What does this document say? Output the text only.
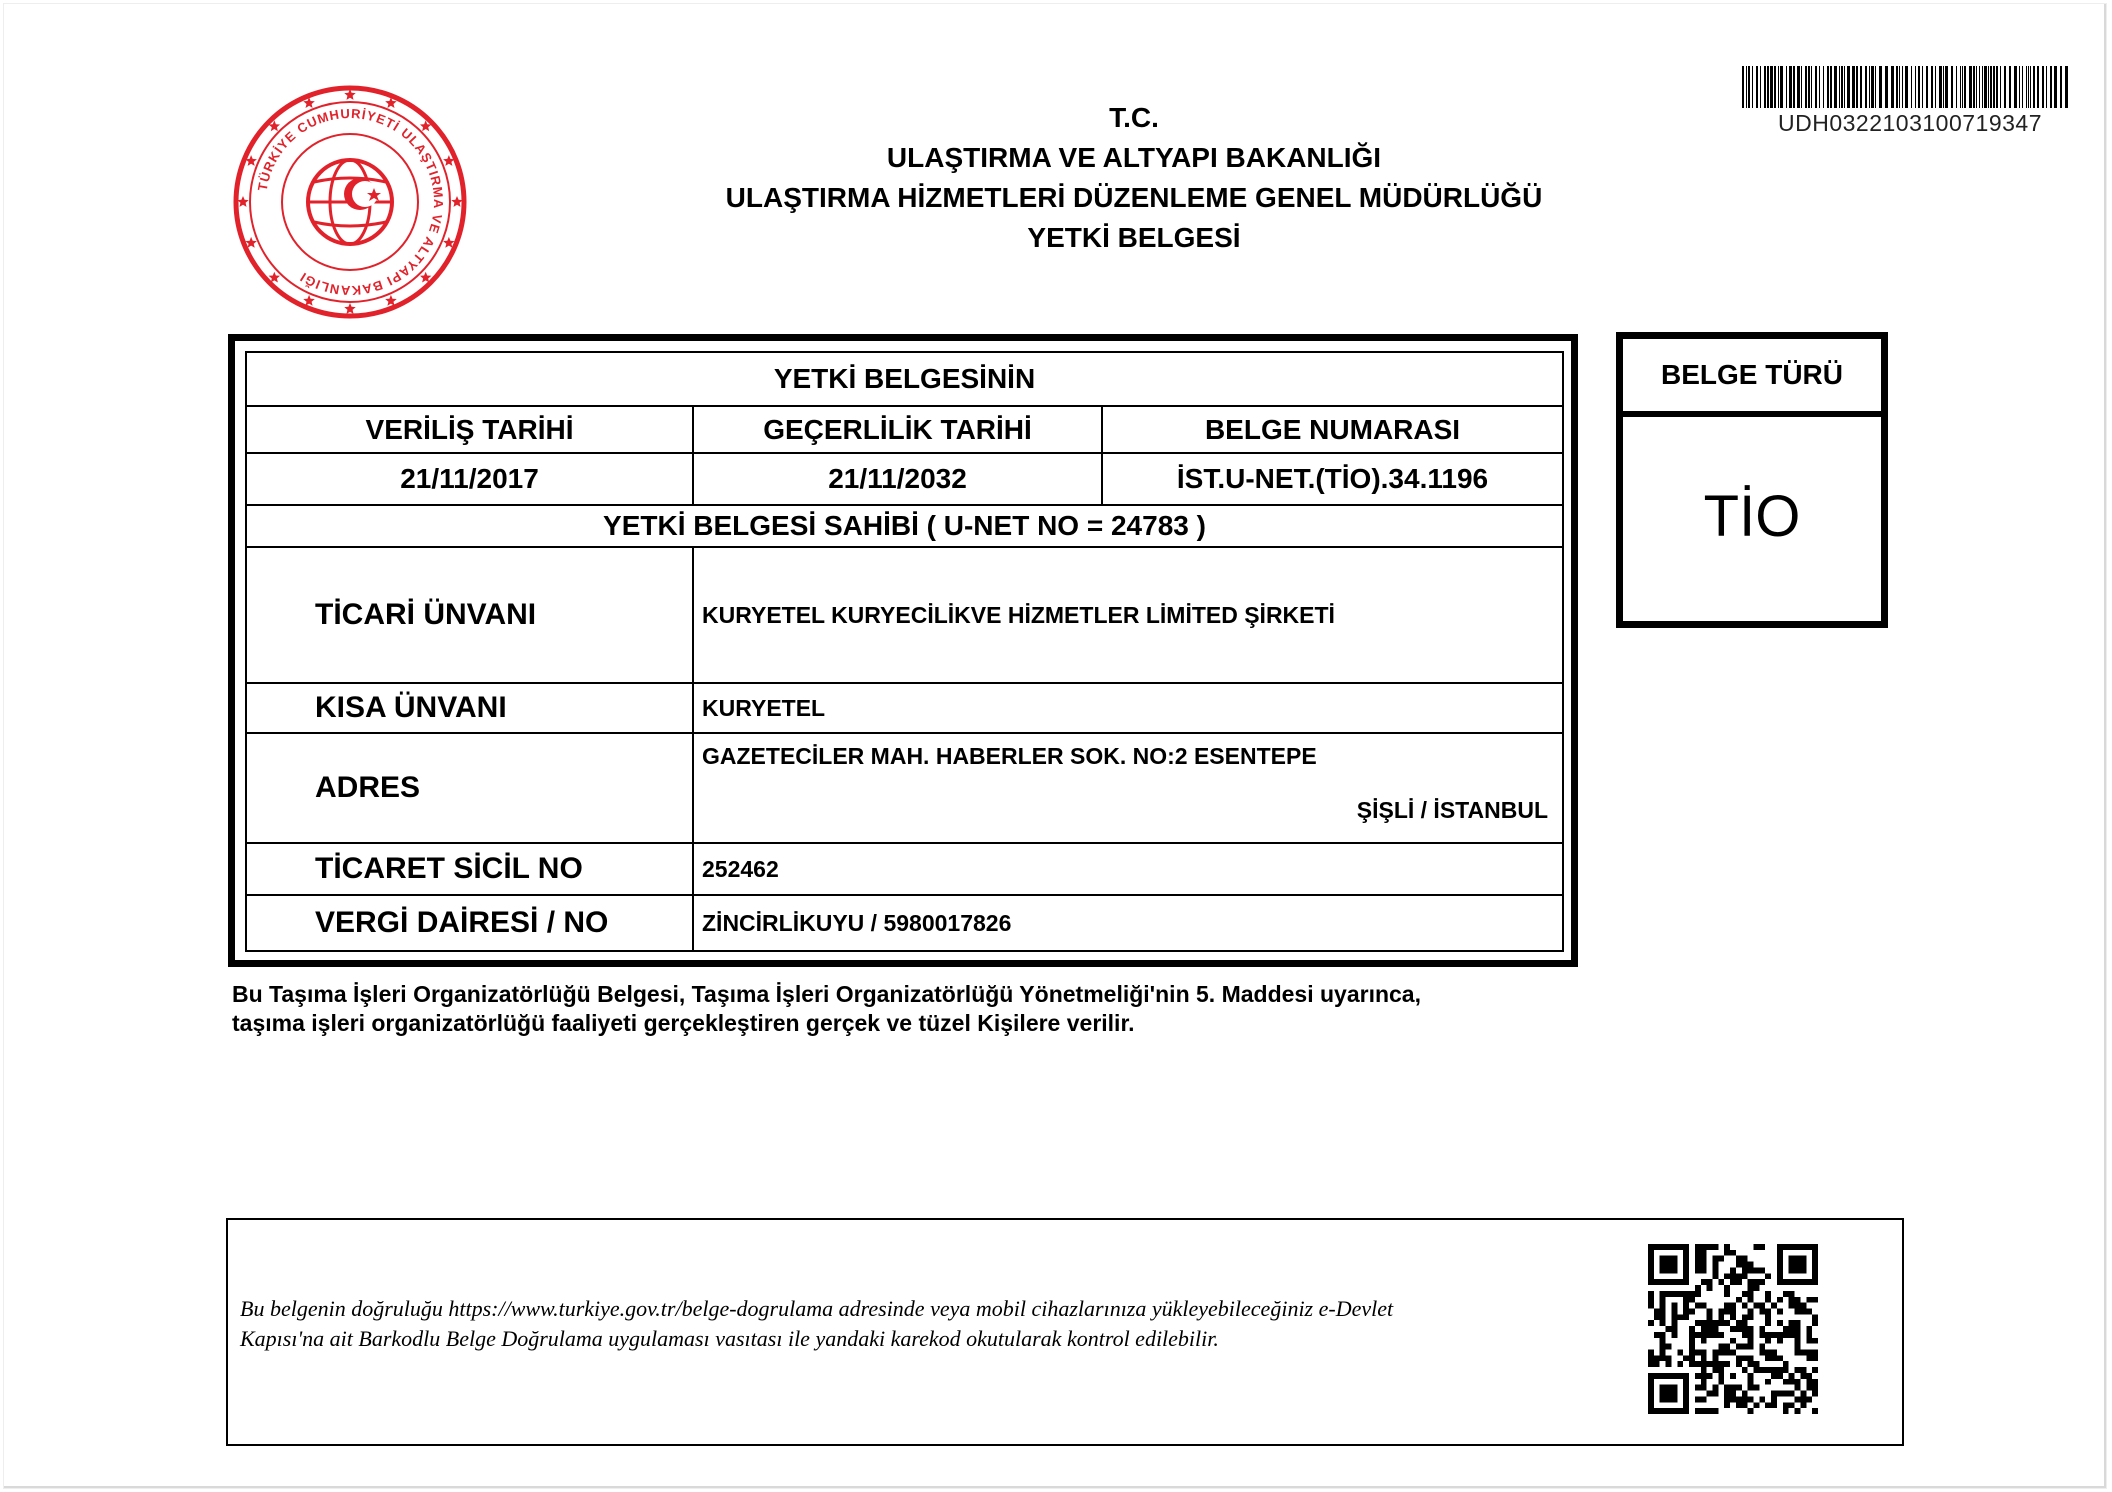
TÜRKİYE CUMHURİYETİ ULAŞTIRMA VE ALTYAPI BAKANLIĞI
T.C.
ULAŞTIRMA VE ALTYAPI BAKANLIĞI
ULAŞTIRMA HİZMETLERİ DÜZENLEME GENEL MÜDÜRLÜĞÜ
YETKİ BELGESİ
UDH0322103100719347
YETKİ BELGESİNİN		
VERİLİŞ TARİHİ	GEÇERLİLİK TARİHİ	BELGE NUMARASI
21/11/2017	21/11/2032	İST.U-NET.(TİO).34.1196
YETKİ BELGESİ SAHİBİ ( U-NET NO = 24783 )		
TİCARİ ÜNVANI	KURYETEL KURYECİLİKVE HİZMETLER LİMİTED ŞİRKETİ	
KISA ÜNVANI	KURYETEL	
ADRES	GAZETECİLER MAH. HABERLER SOK. NO:2 ESENTEPE
ŞİŞLİ / İSTANBUL	

TİCARET SİCİL NO	252462	
VERGİ DAİRESİ / NO	ZİNCİRLİKUYU / 5980017826	
BELGE TÜRÜ
TİO
Bu Taşıma İşleri Organizatörlüğü Belgesi, Taşıma İşleri Organizatörlüğü Yönetmeliği'nin 5. Maddesi uyarınca,
taşıma işleri organizatörlüğü faaliyeti gerçekleştiren gerçek ve tüzel Kişilere verilir.
Bu belgenin doğruluğu https://www.turkiye.gov.tr/belge-dogrulama adresinde veya mobil cihazlarınıza yükleyebileceğiniz e-Devlet
Kapısı'na ait Barkodlu Belge Doğrulama uygulaması vasıtası ile yandaki karekod okutularak kontrol edilebilir.
